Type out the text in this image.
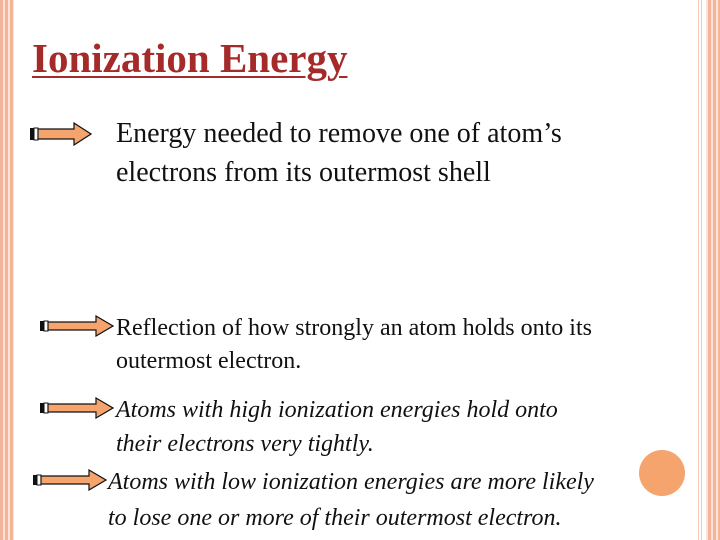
Ionization Energy
Energy needed to remove one of atom’s
electrons from its outermost shell
Reflection of how strongly an atom holds onto its
outermost electron.
Atoms with high ionization energies hold onto
their electrons very tightly.
Atoms with low ionization energies are more likely
to lose one or more of their outermost electron.
